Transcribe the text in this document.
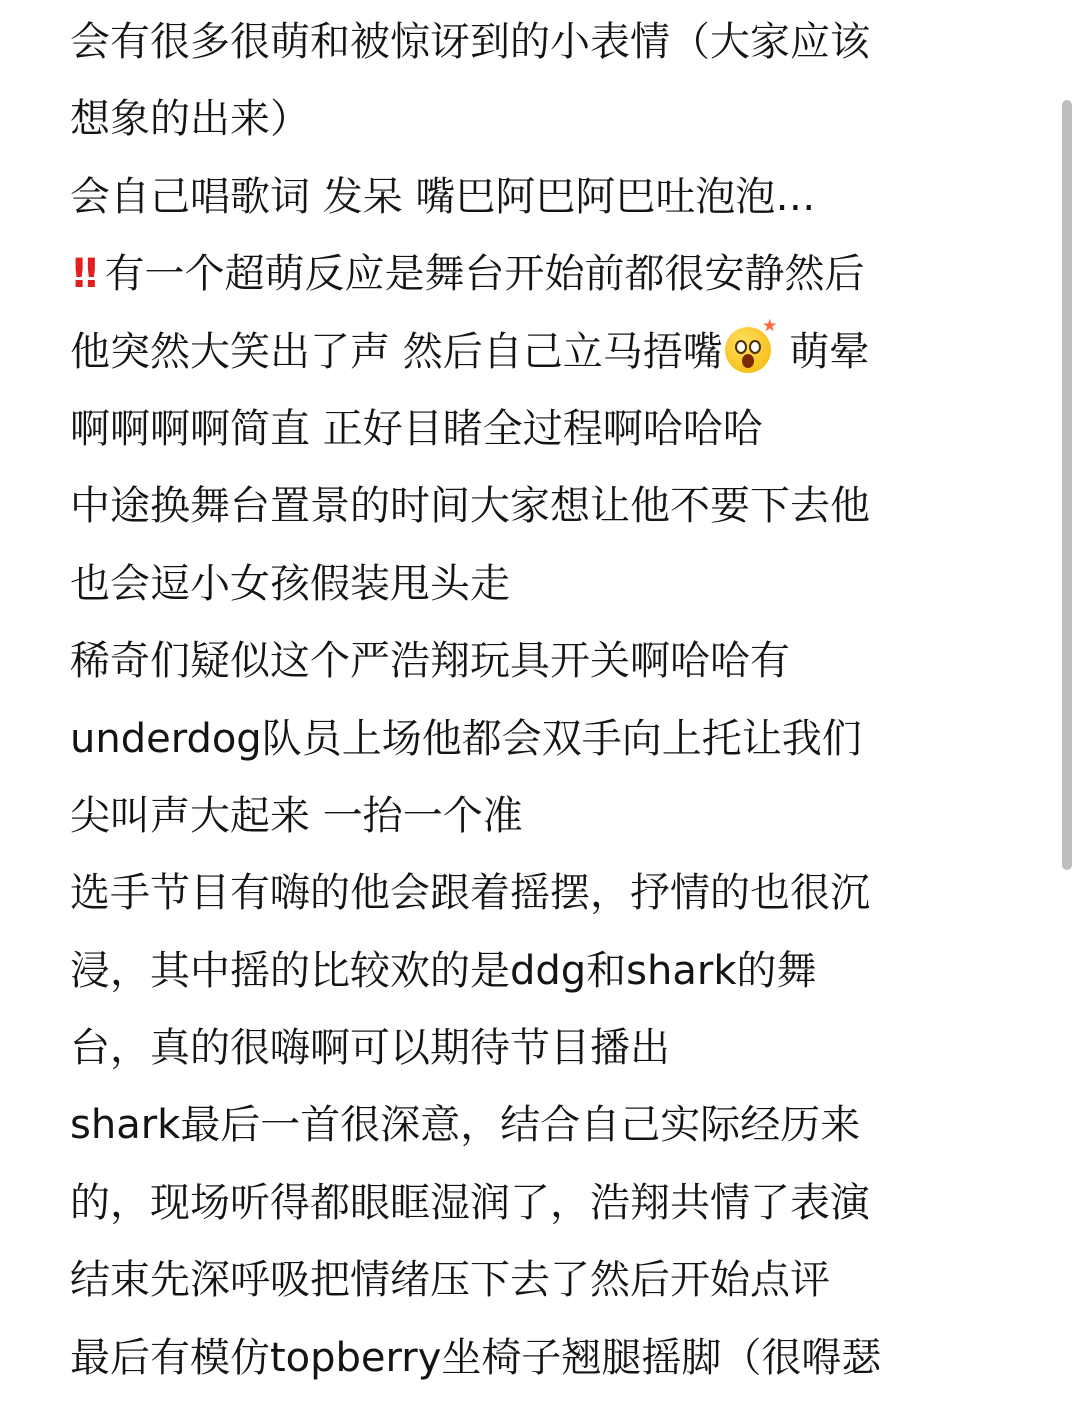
会有很多很萌和被惊讶到的小表情（大家应该
想象的出来）
会自己唱歌词 发呆 嘴巴阿巴阿巴吐泡泡…
!! 有一个超萌反应是舞台开始前都很安静然后
他突然大笑出了声 然后自己立马捂嘴
萌晕
啊啊啊啊简直 正好目睹全过程啊哈哈哈
中途换舞台置景的时间大家想让他不要下去他
也会逗小女孩假装甩头走
稀奇们疑似这个严浩翔玩具开关啊哈哈有
underdog队员上场他都会双手向上托让我们
尖叫声大起来 一抬一个准
选手节目有嗨的他会跟着摇摆，抒情的也很沉
浸，其中摇的比较欢的是ddg和shark的舞
台，真的很嗨啊可以期待节目播出
shark最后一首很深意，结合自己实际经历来
的，现场听得都眼眶湿润了，浩翔共情了表演
结束先深呼吸把情绪压下去了然后开始点评
最后有模仿topberry坐椅子翘腿摇脚（很嘚瑟
